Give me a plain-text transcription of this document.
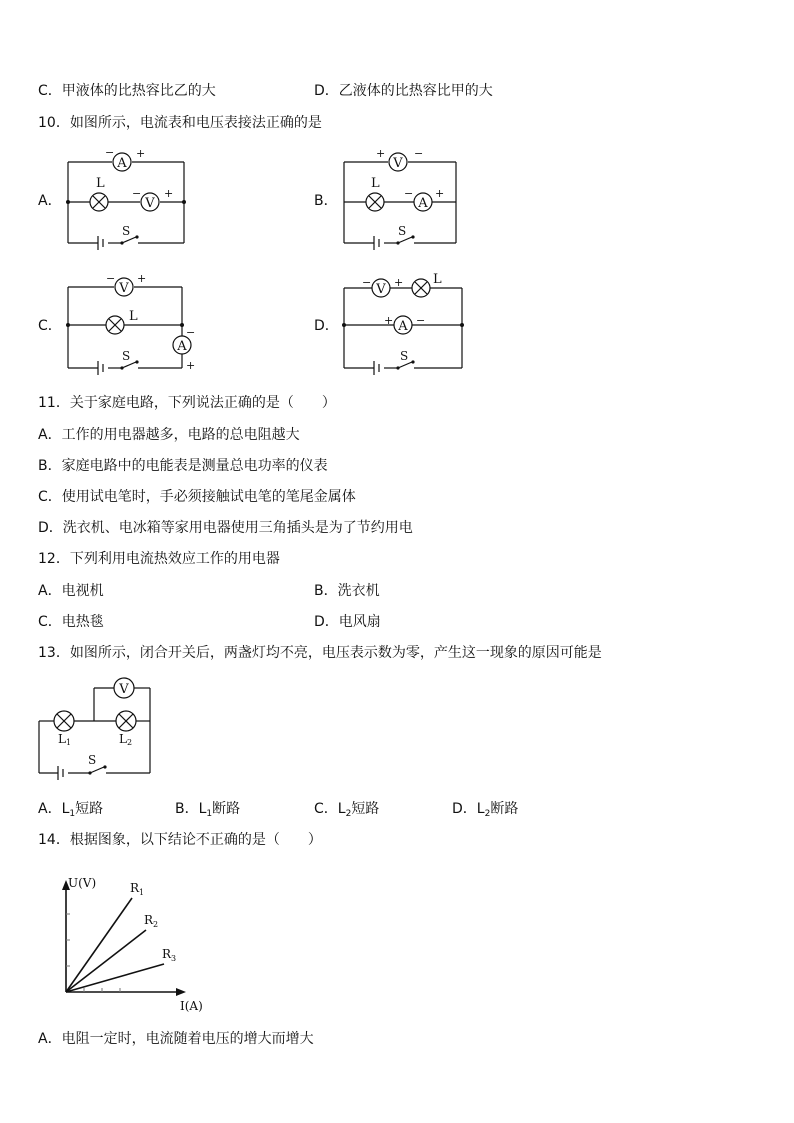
C．甲液体的比热容比乙的大	D．乙液体的比热容比甲的大
10．如图所示，电流表和电压表接法正确的是
A．	B．
C．	D．
A
− +
L
V
− +
S
V
+	−
L
A
− +
S
V
− +
L
A
−
+
S
V
− + L
A
+ −
S
11．关于家庭电路，下列说法正确的是（　　）
A．工作的用电器越多，电路的总电阻越大
B．家庭电路中的电能表是测量总电功率的仪表
C．使用试电笔时，手必须接触试电笔的笔尾金属体
D．洗衣机、电冰箱等家用电器使用三角插头是为了节约用电
12．下列利用电流热效应工作的用电器
A．电视机	B．洗衣机
C．电热毯	D．电风扇
13．如图所示，闭合开关后，两盏灯均不亮，电压表示数为零，产生这一现象的原因可能是
V
L 1	L 2
S
A．$L_1$短路	B．$L_1$断路	C．$L_2$短路	D．$L_2$断路
14．根据图象，以下结论不正确的是（　　）
U(V)
I(A)
$R_1$
$R_2$
$R_3$
A．电阻一定时，电流随着电压的增大而增大
